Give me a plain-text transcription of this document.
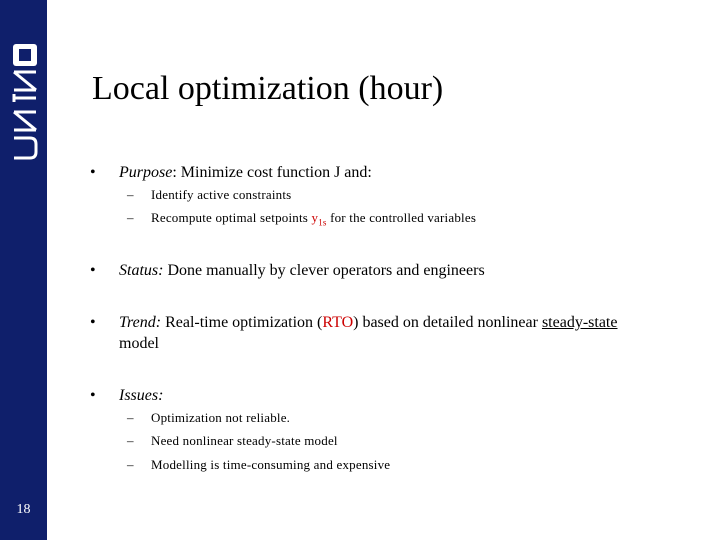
18
Local optimization (hour)
•	Purpose: Minimize cost function J and:
– Identify active constraints
– Recompute optimal setpoints $y_{1s}$ for the controlled variables
•	Status: Done manually by clever operators and engineers
•	Trend: Real-time optimization (RTO) based on detailed nonlinear steady-state
model
•	Issues:
– Optimization not reliable.
– Need nonlinear steady-state model
– Modelling is time-consuming and expensive
